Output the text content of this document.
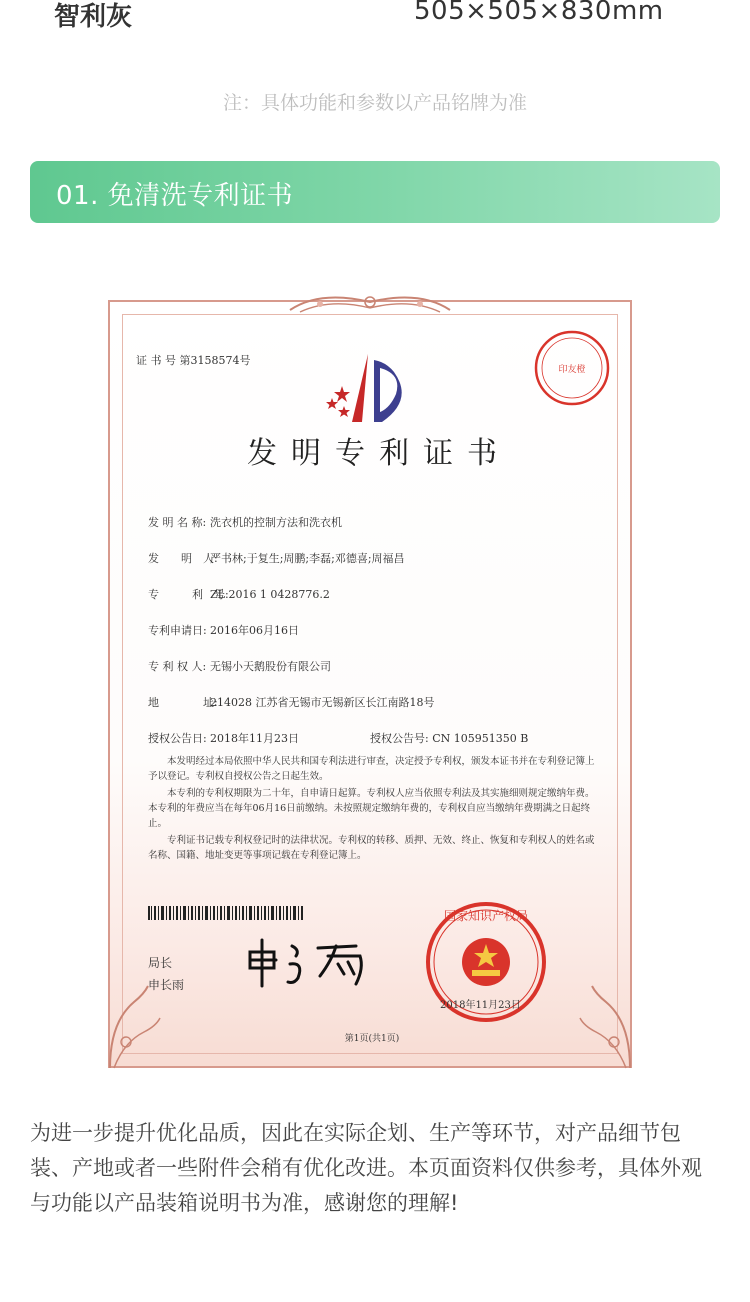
智利灰	505×505×830mm
注：具体功能和参数以产品铭牌为准
01. 免清洗专利证书
证 书 号 第3158574号
发明专利证书
印友橙
发 明 名 称: 洗衣机的控制方法和洗衣机
发　　明　人:严书林;于复生;周鹏;李磊;邓德喜;周福昌
专　　　利　号:ZL 2016 1 0428776.2
专利申请日: 2016年06月16日
专 利 权 人: 无锡小天鹅股份有限公司
地　　　　址:214028 江苏省无锡市无锡新区长江南路18号
授权公告日: 2018年11月23日	授权公告号: CN 105951350 B

本发明经过本局依照中华人民共和国专利法进行审查，决定授予专利权，颁发本证书并在专利登记簿上予以登记。专利权自授权公告之日起生效。

本专利的专利权期限为二十年，自申请日起算。专利权人应当依照专利法及其实施细则规定缴纳年费。本专利的年费应当在每年06月16日前缴纳。未按照规定缴纳年费的，专利权自应当缴纳年费期满之日起终止。

专利证书记载专利权登记时的法律状况。专利权的转移、质押、无效、终止、恢复和专利权人的姓名或名称、国籍、地址变更等事项记载在专利登记簿上。

局长
申长雨
国家知识产权局
2018年11月23日
第1页(共1页)
为进一步提升优化品质，因此在实际企划、生产等环节，对产品细节包装、产地或者一些附件会稍有优化改进。本页面资料仅供参考，具体外观与功能以产品装箱说明书为准，感谢您的理解!
